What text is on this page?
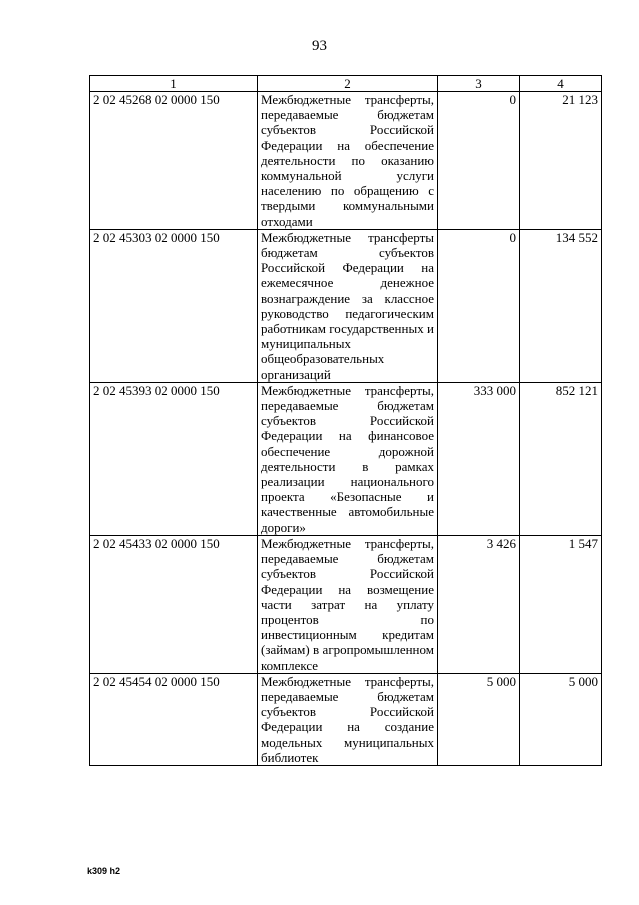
93
1	2	3	4
2 02 45268 02 0000 150	Межбюджетные трансферты, передаваемые бюджетам субъектов Российской Федерации на обеспечение деятельности по оказанию коммунальной услуги населению по обращению с твердыми коммунальными отходами	0	21 123
2 02 45303 02 0000 150	Межбюджетные трансферты бюджетам субъектов Российской Федерации на ежемесячное денежное вознаграждение за классное руководство педагогическим работникам государственных и муниципальных общеобразовательных организаций	0	134 552
2 02 45393 02 0000 150	Межбюджетные трансферты, передаваемые бюджетам субъектов Российской Федерации на финансовое обеспечение дорожной деятельности в рамках реализации национального проекта «Безопасные и качественные автомобильные дороги»	333 000	852 121
2 02 45433 02 0000 150	Межбюджетные трансферты, передаваемые бюджетам субъектов Российской Федерации на возмещение части затрат на уплату процентов по инвестиционным кредитам (займам) в агропромышленном комплексе	3 426	1 547
2 02 45454 02 0000 150	Межбюджетные трансферты, передаваемые бюджетам субъектов Российской Федерации на создание модельных муниципальных библиотек	5 000	5 000
k309 h2
